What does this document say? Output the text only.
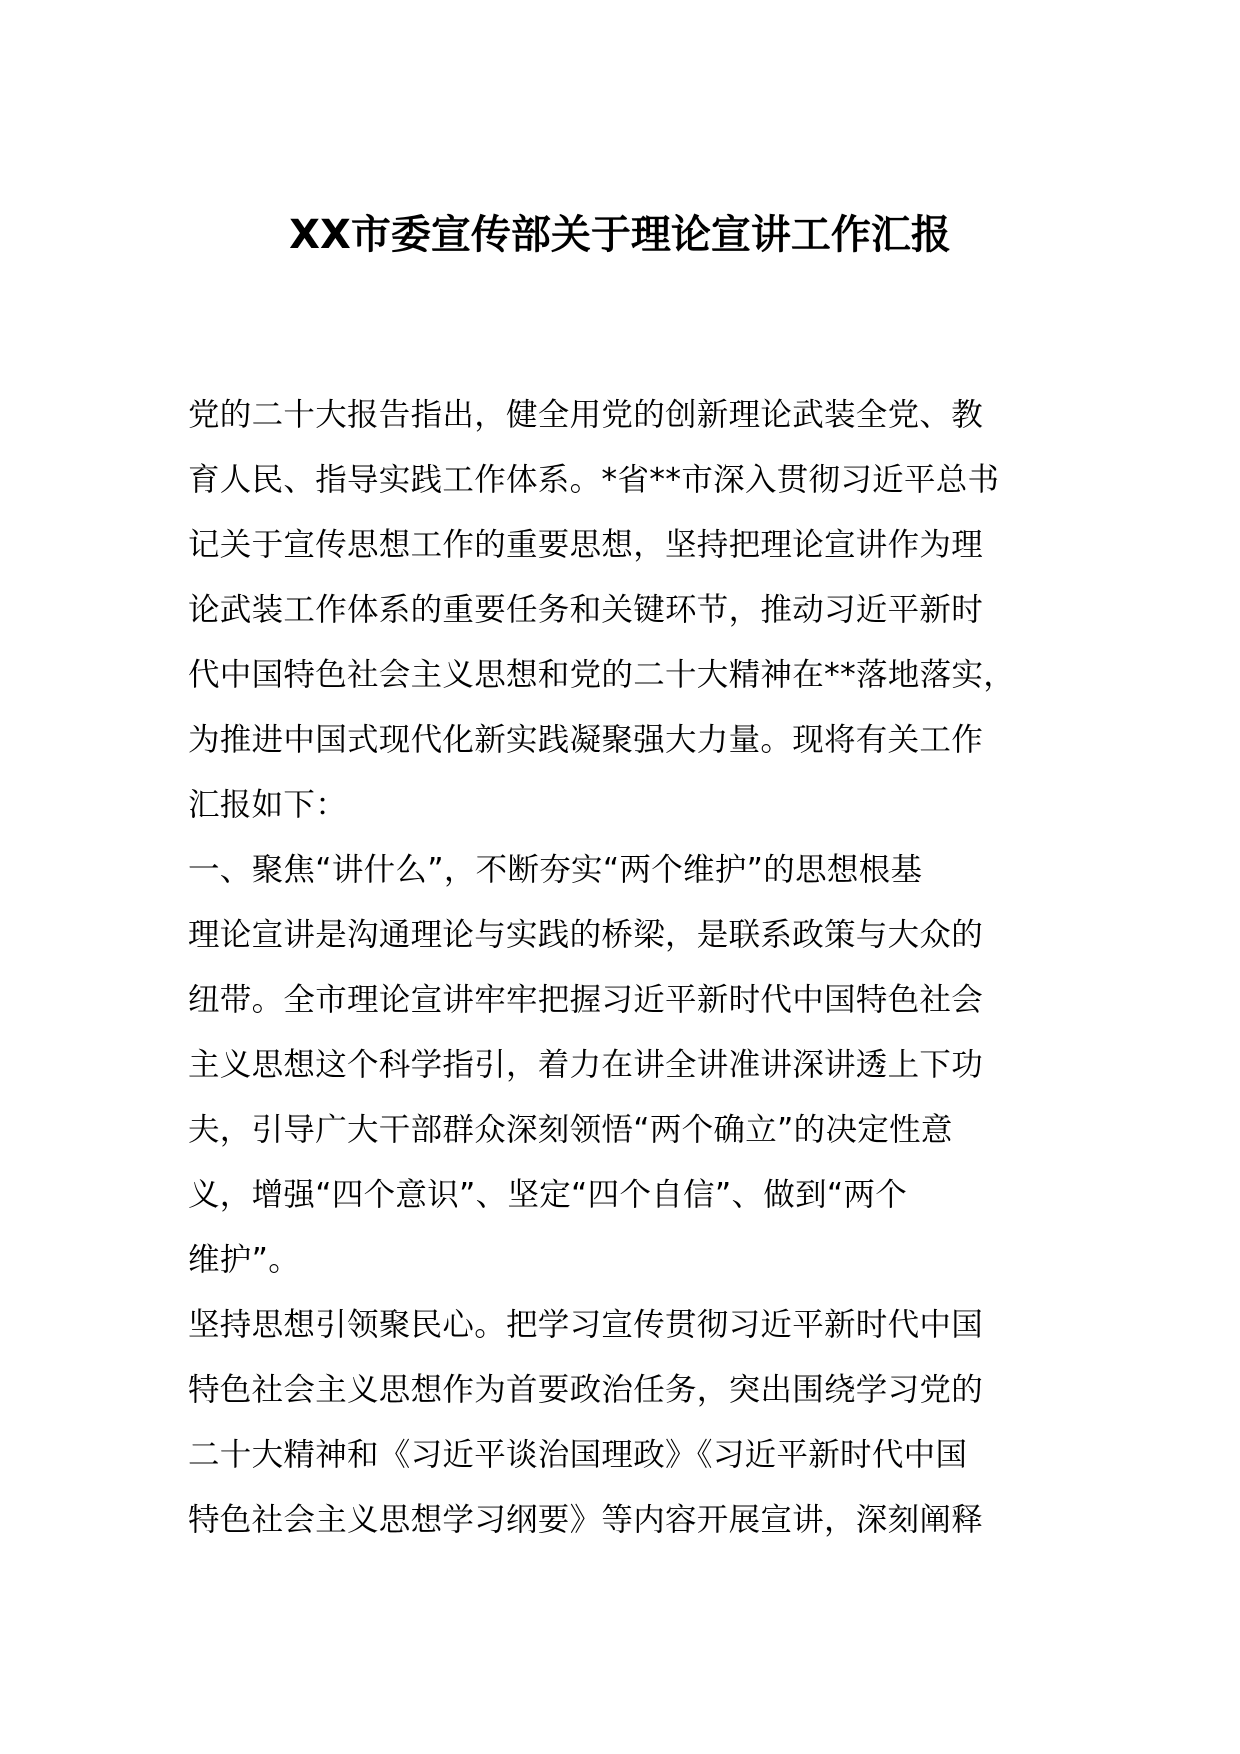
XX市委宣传部关于理论宣讲工作汇报
党的二十大报告指出，健全用党的创新理论武装全党、教
育人民、指导实践工作体系。*省**市深入贯彻习近平总书
记关于宣传思想工作的重要思想，坚持把理论宣讲作为理
论武装工作体系的重要任务和关键环节，推动习近平新时
代中国特色社会主义思想和党的二十大精神在**落地落实，
为推进中国式现代化新实践凝聚强大力量。现将有关工作
汇报如下：
一、聚焦“讲什么”，不断夯实“两个维护”的思想根基
理论宣讲是沟通理论与实践的桥梁，是联系政策与大众的
纽带。全市理论宣讲牢牢把握习近平新时代中国特色社会
主义思想这个科学指引，着力在讲全讲准讲深讲透上下功
夫，引导广大干部群众深刻领悟“两个确立”的决定性意
义，增强“四个意识”、坚定“四个自信”、做到“两个
维护”。
坚持思想引领聚民心。把学习宣传贯彻习近平新时代中国
特色社会主义思想作为首要政治任务，突出围绕学习党的
二十大精神和《习近平谈治国理政》《习近平新时代中国
特色社会主义思想学习纲要》等内容开展宣讲，深刻阐释
